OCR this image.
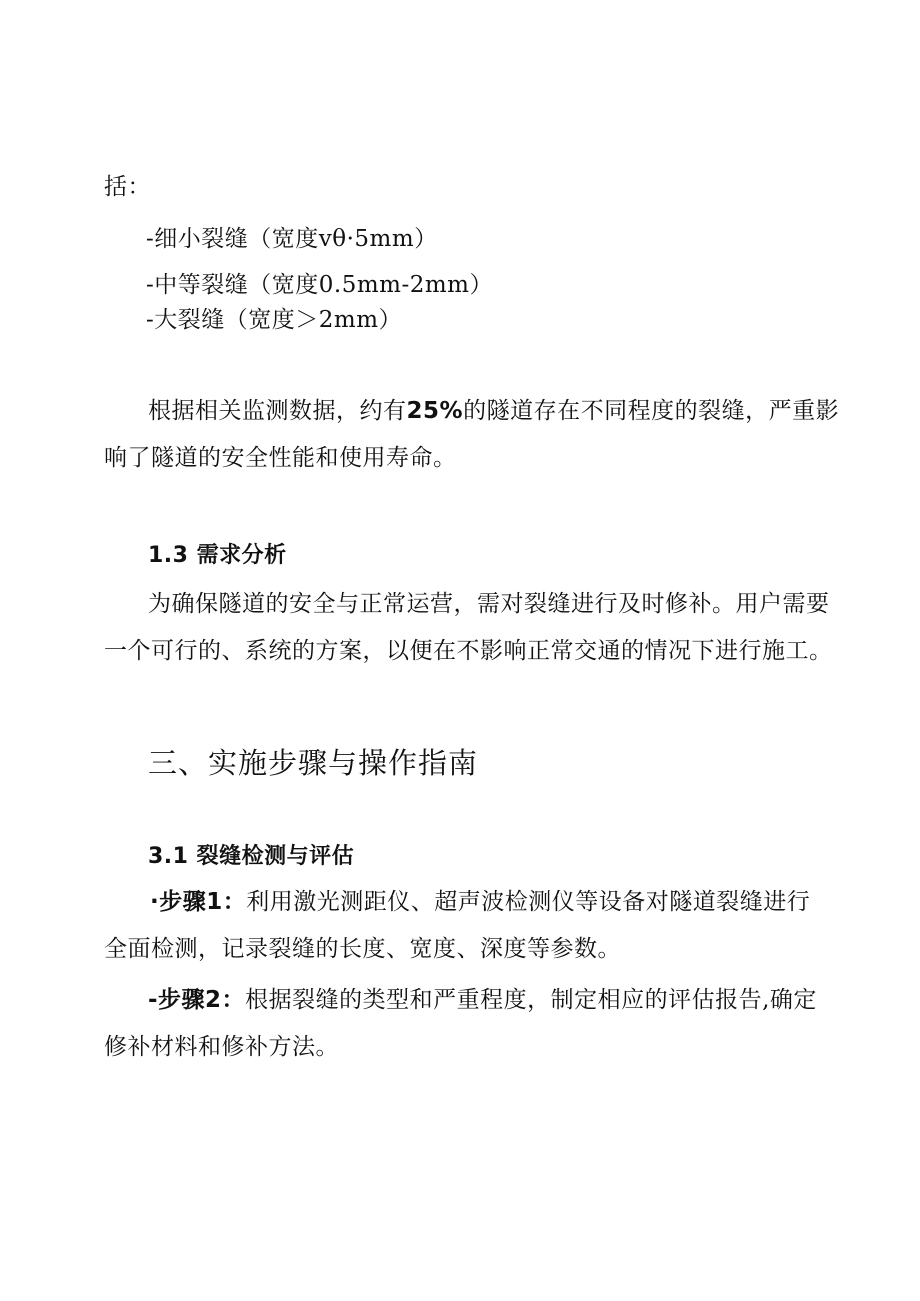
括：
-细小裂缝（宽度vθ·5mm）
-中等裂缝（宽度0.5mm-2mm）
-大裂缝（宽度＞2mm）
根据相关监测数据，约有25%的隧道存在不同程度的裂缝，严重影
响了隧道的安全性能和使用寿命。
1.3 需求分析
为确保隧道的安全与正常运营，需对裂缝进行及时修补。用户需要
一个可行的、系统的方案，以便在不影响正常交通的情况下进行施工。
三、实施步骤与操作指南
3.1 裂缝检测与评估
·步骤1：利用激光测距仪、超声波检测仪等设备对隧道裂缝进行
全面检测，记录裂缝的长度、宽度、深度等参数。
-步骤2：根据裂缝的类型和严重程度，制定相应的评估报告,确定
修补材料和修补方法。
